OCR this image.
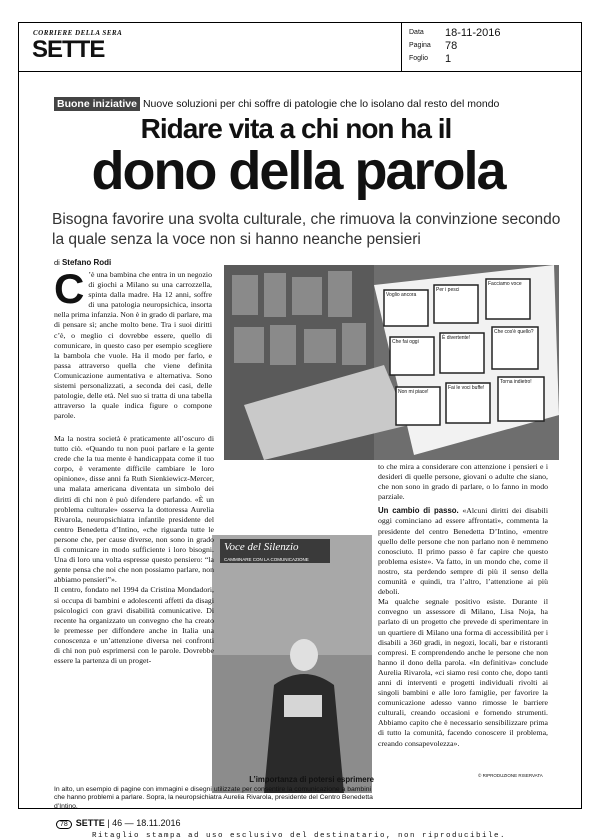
CORRIERE DELLA SERA
SETTE
Data 18-11-2016
Pagina 78
Foglio 1
Buone iniziative Nuove soluzioni per chi soffre di patologie che lo isolano dal resto del mondo
Ridare vita a chi non ha il
dono della parola
Bisogna favorire una svolta culturale, che rimuova la convinzione secondo la quale senza la voce non si hanno neanche pensieri
di Stefano Rodi
Voglio ancora
Per i pesci
Facciamo voce
Che fai oggi
È divertente!
Che cos'è quello?
Non mi piace!
Fai le voci buffe!
Torna indietro!
Voce del Silenzio
CAMMINARE CON LA COMUNICAZIONE

C ’è una bambina che entra in un negozio di giochi a Milano su una carrozzella, spinta dalla madre. Ha 12 anni, soffre di una patologia neuropsichica, insorta nella prima infanzia. Non è in grado di parlare, ma di pensare sì; anche molto bene. Tra i suoi diritti c’è, o meglio ci dovrebbe essere, quello di comunicare, in questo caso per esempio scegliere la bambola che vuole. Ha il modo per farlo, e passa attraverso quella che viene definita Comunicazione aumentativa e alternativa. Sono sistemi personalizzati, a seconda dei casi, delle patologie, delle età. Nel suo si tratta di una tabella attraverso la quale indica figure o compone parole.

Ma la nostra società è praticamente all’oscuro di tutto ciò. «Quando tu non puoi parlare e la gente crede che la tua mente è handicappata come il tuo corpo, è veramente difficile cambiare le loro opinione», disse anni fa Ruth Sienkiewicz-Mercer, una malata americana diventata un simbolo dei diritti di chi non è può difendere parlando. «È un problema culturale» osserva la dottoressa Aurelia Rivarola, neuropsichiatra infantile presidente del centro Benedetta d’Intino, «che riguarda tutte le persone che, per cause diverse, non sono in grado di comunicare in modo sufficiente i loro bisogni. Una di loro una volta espresse questo pensiero: “la gente pensa che noi che non possiamo parlare, non abbiamo pensieri”».

Il centro, fondato nel 1994 da Cristina Mondadori, si occupa di bambini e adolescenti affetti da disagi psicologici con gravi disabilità comunicative. Di recente ha organizzato un convegno che ha creato le premesse per diffondere anche in Italia una conoscenza e un’attenzione diversa nei confronti di chi non può esprimersi con le parole. Dovrebbe essere la partenza di un proget-

to che mira a considerare con attenzione i pensieri e i desideri di quelle persone, giovani o adulte che siano, che non sono in grado di parlare, o lo fanno in modo parziale.

Un cambio di passo. «Alcuni diritti dei disabili oggi cominciano ad essere affrontati», commenta la presidente del centro Benedetta D’Intino, «mentre quello delle persone che non parlano non è nemmeno conosciuto. Il primo passo è far capire che questo problema esiste». Va fatto, in un mondo che, come il nostro, sta perdendo sempre di più il senso della comunità e quindi, tra l’altro, l’attenzione ai più deboli.

Ma qualche segnale positivo esiste. Durante il convegno un assessore di Milano, Lisa Noja, ha parlato di un progetto che prevede di sperimentare in un quartiere di Milano una forma di accessibilità per i disabili a 360 gradi, in negozi, locali, bar e ristoranti compresi. E comprendendo anche le persone che non hanno il dono della parola. «In definitiva» conclude Aurelia Rivarola, «ci siamo resi conto che, dopo tanti anni di interventi e progetti individuali rivolti ai singoli bambini e alle loro famiglie, per favorire la comunicazione adesso vanno rimosse le barriere culturali, creando occasioni e fornendo strumenti. Abbiamo capito che è necessario sensibilizzare prima di tutto la comunità, facendo conoscere il problema, creando consapevolezza».

© RIPRODUZIONE RISERVATA
L’importanza di potersi esprimere
In alto, un esempio di pagine con immagini e disegni utilizzate per consentire la comunicazione a bambini che hanno problemi a parlare. Sopra, la neuropsichiatra Aurelia Rivarola, presidente del Centro Benedetta d’Intino.
78 SETTE | 46 — 18.11.2016
Ritaglio stampa ad uso esclusivo del destinatario, non riproducibile.
